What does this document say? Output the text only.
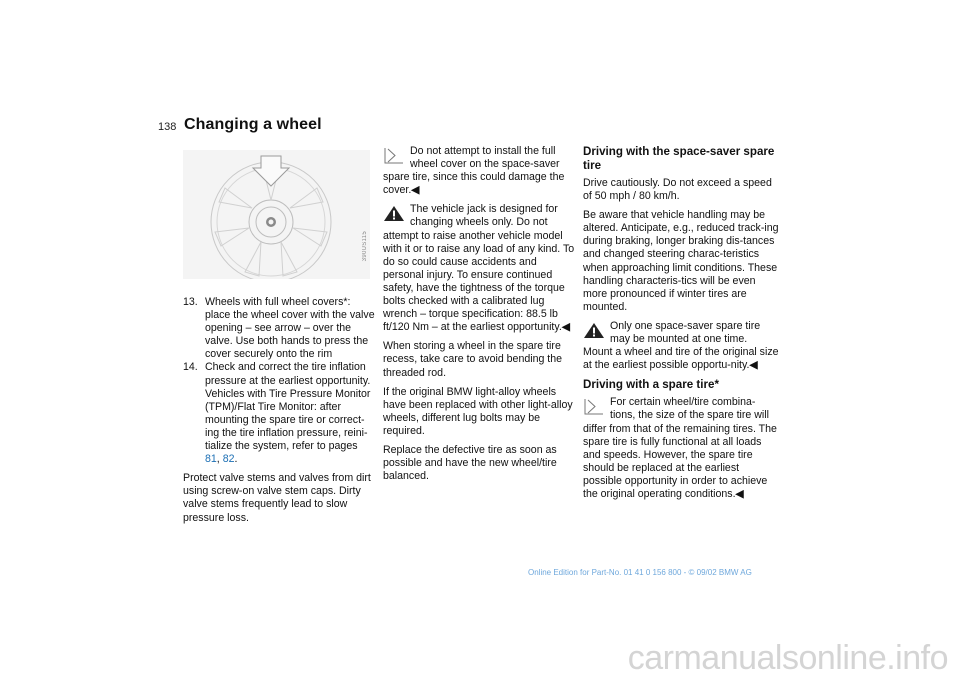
138 Changing a wheel
390US115
13. Wheels with full wheel covers*: place the wheel cover with the valve opening – see arrow – over the valve. Use both hands to press the cover securely onto the rim
14. Check and correct the tire inflation pressure at the earliest opportunity. Vehicles with Tire Pressure Monitor (TPM)/Flat Tire Monitor: after mounting the spare tire or correct-ing the tire inflation pressure, reini-tialize the system, refer to pages 81, 82.

Protect valve stems and valves from dirt using screw-on valve stem caps. Dirty valve stems frequently lead to slow pressure loss.

Do not attempt to install the full wheel cover on the space-saver spare tire, since this could damage the cover.◀
The vehicle jack is designed for changing wheels only. Do not attempt to raise another vehicle model with it or to raise any load of any kind. To do so could cause accidents and personal injury. To ensure continued safety, have the tightness of the torque bolts checked with a calibrated lug wrench – torque specification: 88.5 lb ft/120 Nm – at the earliest opportunity.◀

When storing a wheel in the spare tire recess, take care to avoid bending the threaded rod.

If the original BMW light-alloy wheels have been replaced with other light-alloy wheels, different lug bolts may be required.

Replace the defective tire as soon as possible and have the new wheel/tire balanced.

Driving with the space-saver spare tire

Drive cautiously. Do not exceed a speed of 50 mph / 80 km/h.

Be aware that vehicle handling may be altered. Anticipate, e.g., reduced track-ing during braking, longer braking dis-tances and changed steering charac-teristics when approaching limit conditions. These handling characteris-tics will be even more pronounced if winter tires are mounted.

Only one space-saver spare tire may be mounted at one time. Mount a wheel and tire of the original size at the earliest possible opportu-nity.◀
Driving with a spare tire*
For certain wheel/tire combina-tions, the size of the spare tire will differ from that of the remaining tires. The spare tire is fully functional at all loads and speeds. However, the spare tire should be replaced at the earliest possible opportunity in order to achieve the original operating conditions.◀
Online Edition for Part-No. 01 41 0 156 800 - © 09/02 BMW AG
carmanualsonline.info
